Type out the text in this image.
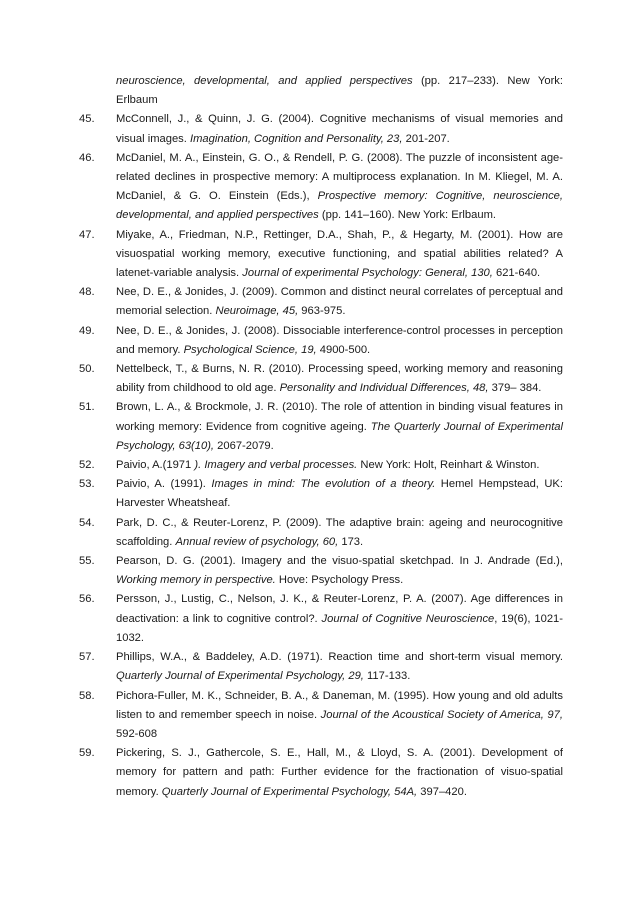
neuroscience, developmental, and applied perspectives (pp. 217–233). New York: Erlbaum

45.	McConnell, J., & Quinn, J. G. (2004). Cognitive mechanisms of visual memories and visual images. Imagination, Cognition and Personality, 23, 201-207.

46.	McDaniel, M. A., Einstein, G. O., & Rendell, P. G. (2008). The puzzle of inconsistent age-related declines in prospective memory: A multiprocess explanation. In M. Kliegel, M. A. McDaniel, & G. O. Einstein (Eds.), Prospective memory: Cognitive, neuroscience, developmental, and applied perspectives (pp. 141–160). New York: Erlbaum.

47.	Miyake, A., Friedman, N.P., Rettinger, D.A., Shah, P., & Hegarty, M. (2001). How are visuospatial working memory, executive functioning, and spatial abilities related? A latenet-variable analysis. Journal of experimental Psychology: General, 130, 621-640.

48.	Nee, D. E., & Jonides, J. (2009). Common and distinct neural correlates of perceptual and memorial selection. Neuroimage, 45, 963-975.

49.	Nee, D. E., & Jonides, J. (2008). Dissociable interference-control processes in perception and memory. Psychological Science, 19, 4900-500.

50.	Nettelbeck, T., & Burns, N. R. (2010). Processing speed, working memory and reasoning ability from childhood to old age. Personality and Individual Differences, 48, 379– 384.

51.	Brown, L. A., & Brockmole, J. R. (2010). The role of attention in binding visual features in working memory: Evidence from cognitive ageing. The Quarterly Journal of Experimental Psychology, 63(10), 2067-2079.

52.	Paivio, A.(1971 ). Imagery and verbal processes. New York: Holt, Reinhart & Winston.

53.	Paivio, A. (1991). Images in mind: The evolution of a theory. Hemel Hempstead, UK: Harvester Wheatsheaf.

54.	Park, D. C., & Reuter-Lorenz, P. (2009). The adaptive brain: ageing and neurocognitive scaffolding. Annual review of psychology, 60, 173.

55.	Pearson, D. G. (2001). Imagery and the visuo-spatial sketchpad. In J. Andrade (Ed.), Working memory in perspective. Hove: Psychology Press.

56.	Persson, J., Lustig, C., Nelson, J. K., & Reuter-Lorenz, P. A. (2007). Age differences in deactivation: a link to cognitive control?. Journal of Cognitive Neuroscience, 19(6), 1021-1032.

57.	Phillips, W.A., & Baddeley, A.D. (1971). Reaction time and short-term visual memory. Quarterly Journal of Experimental Psychology, 29, 117-133.

58.	Pichora-Fuller, M. K., Schneider, B. A., & Daneman, M. (1995). How young and old adults listen to and remember speech in noise. Journal of the Acoustical Society of America, 97, 592-608

59.	Pickering, S. J., Gathercole, S. E., Hall, M., & Lloyd, S. A. (2001). Development of memory for pattern and path: Further evidence for the fractionation of visuo-spatial memory. Quarterly Journal of Experimental Psychology, 54A, 397–420.
